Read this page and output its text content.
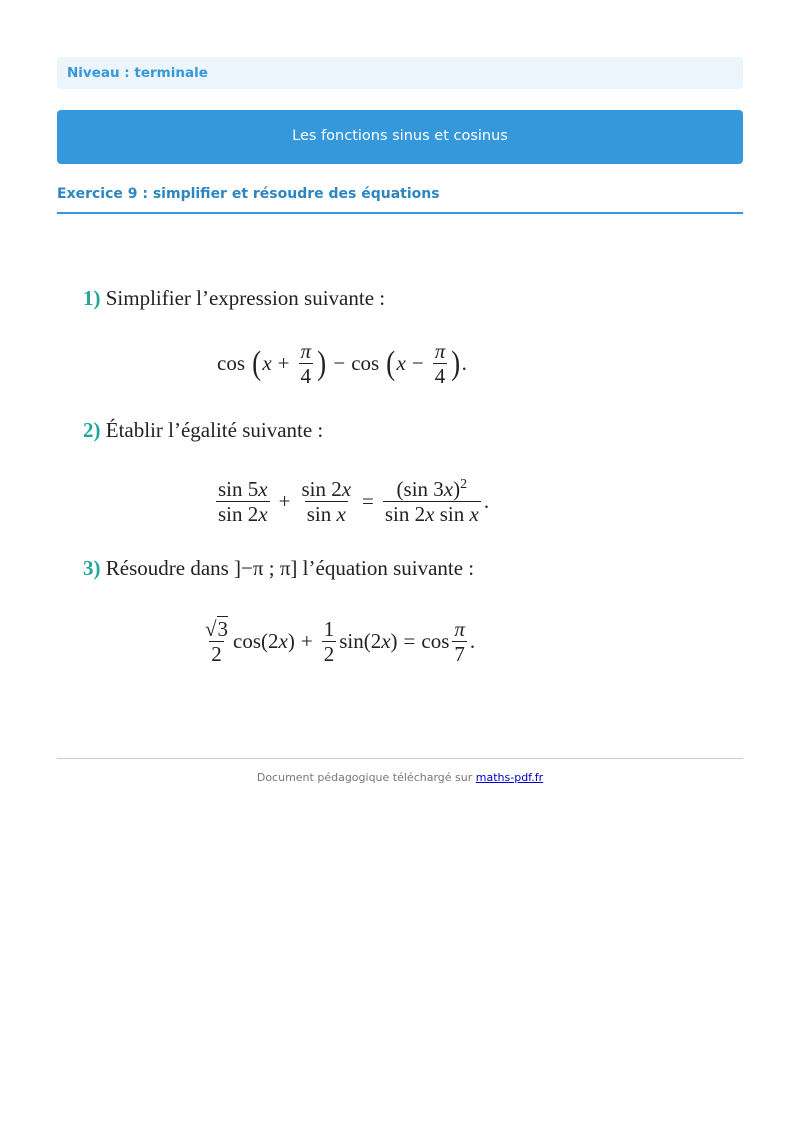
Niveau : terminale
Les fonctions sinus et cosinus
Exercice 9 : simplifier et résoudre des équations
1) Simplifier l’expression suivante :
cos ( $x + \frac{\pi}{4}$ ) − cos ( $x - \frac{\pi}{4}$ ) .
2) Établir l’égalité suivante :
$\frac{\sin 5x}{\sin 2x} + \frac{\sin 2x}{\text{sin x}} = \frac{(\sin 3x)^2}{\text{sin 2x sin x}}$ .
3) Résoudre dans ]−π ; π] l’équation suivante :
$\frac{√3}{2} \cos(2x) + \frac{1}{2} \sin(2x) = \cos \frac{\pi}{7}$ .
Document pédagogique téléchargé sur maths-pdf.fr
